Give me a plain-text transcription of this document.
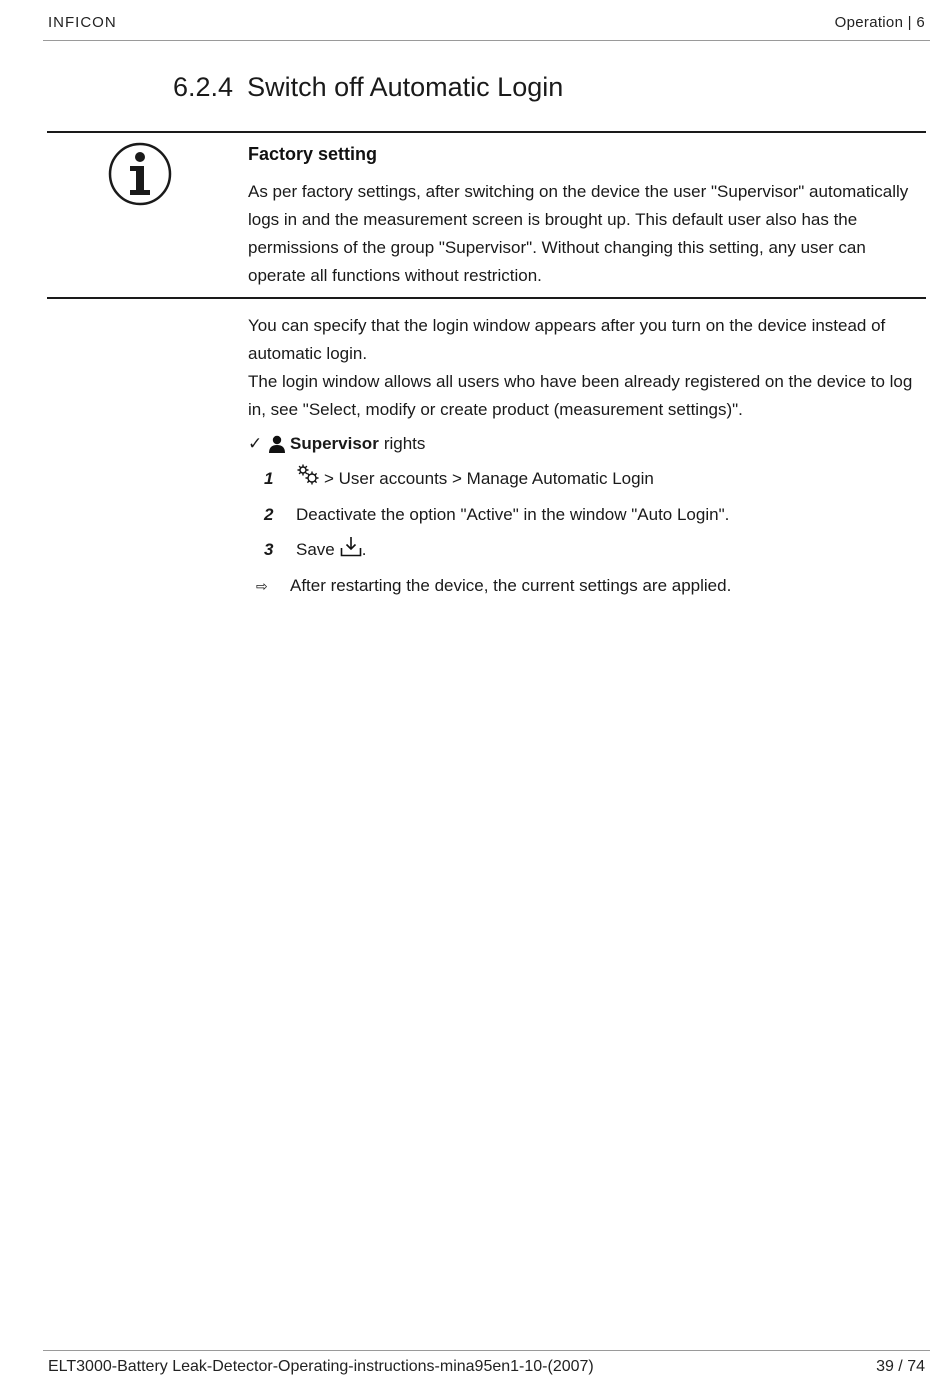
INFICON	Operation | 6
6.2.4 Switch off Automatic Login
Factory setting

As per factory settings, after switching on the device the user "Supervisor" automatically logs in and the measurement screen is brought up. This default user also has the permissions of the group "Supervisor". Without changing this setting, any user can operate all functions without restriction.

You can specify that the login window appears after you turn on the device instead of automatic login.

The login window allows all users who have been already registered on the device to log in, see "Select, modify or create product (measurement settings)".

✓ Supervisor rights
1	> User accounts > Manage Automatic Login
2	Deactivate the option "Active" in the window "Auto Login".
3	Save .
⇨	After restarting the device, the current settings are applied.
ELT3000-Battery Leak-Detector-Operating-instructions-mina95en1-10-(2007)	39 / 74
